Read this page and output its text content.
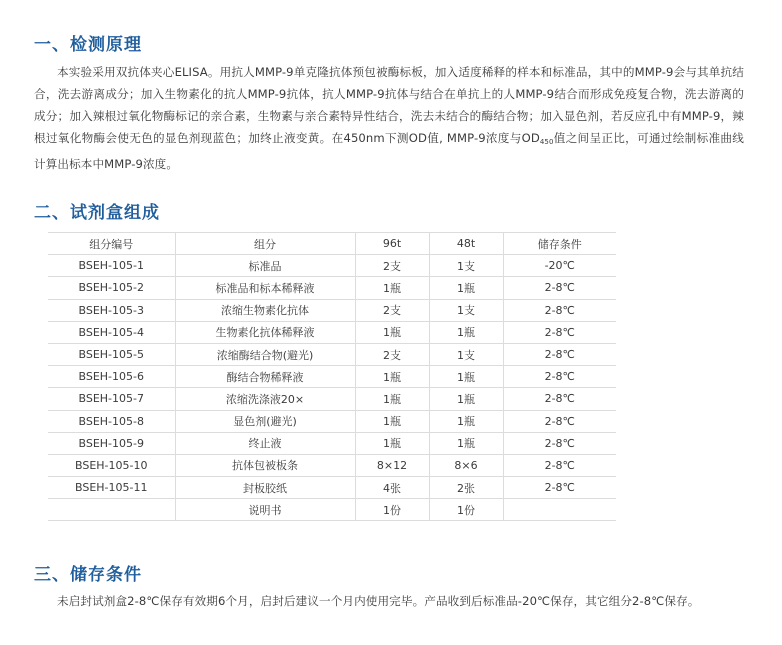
一、检测原理

本实验采用双抗体夹心ELISA。用抗人MMP-9单克隆抗体预包被酶标板，加入适度稀释的样本和标准品，其中的MMP-9会与其单抗结合，洗去游离成分；加入生物素化的抗人MMP-9抗体，抗人MMP-9抗体与结合在单抗上的人MMP-9结合而形成免疫复合物，洗去游离的成分；加入辣根过氧化物酶标记的亲合素，生物素与亲合素特异性结合，洗去未结合的酶结合物；加入显色剂，若反应孔中有MMP-9，辣根过氧化物酶会使无色的显色剂现蓝色；加终止液变黄。在450nm下测OD值, MMP-9浓度与$OD_{450}$值之间呈正比，可通过绘制标准曲线计算出标本中MMP-9浓度。

二、试剂盒组成
组分编号	组分	96t	48t	储存条件
BSEH-105-1	标准品	2支	1支	-20℃
BSEH-105-2	标准品和标本稀释液	1瓶	1瓶	2-8℃
BSEH-105-3	浓缩生物素化抗体	2支	1支	2-8℃
BSEH-105-4	生物素化抗体稀释液	1瓶	1瓶	2-8℃
BSEH-105-5	浓缩酶结合物(避光)	2支	1支	2-8℃
BSEH-105-6	酶结合物稀释液	1瓶	1瓶	2-8℃
BSEH-105-7	浓缩洗涤液20×	1瓶	1瓶	2-8℃
BSEH-105-8	显色剂(避光)	1瓶	1瓶	2-8℃
BSEH-105-9	终止液	1瓶	1瓶	2-8℃
BSEH-105-10	抗体包被板条	8×12	8×6	2-8℃
BSEH-105-11	封板胶纸	4张	2张	2-8℃
	说明书	1份	1份	
三、储存条件

未启封试剂盒2-8℃保存有效期6个月，启封后建议一个月内使用完毕。产品收到后标准品-20℃保存，其它组分2-8℃保存。
